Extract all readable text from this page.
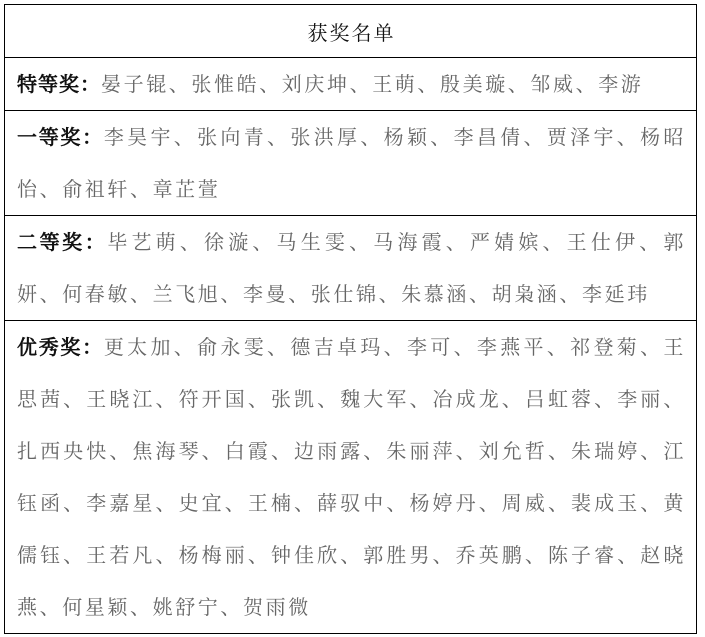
获奖名单
特等奖：晏子锟、张惟皓、刘庆坤、王萌、殷美璇、邹威、李游
一等奖：李昊宇、张向青、张洪厚、杨颖、李昌倩、贾泽宇、杨昭怡、俞祖轩、章芷萱
二等奖：毕艺萌、徐漩、马生雯、马海霞、严婧嫔、王仕伊、郭妍、何春敏、兰飞旭、李曼、张仕锦、朱慕涵、胡枭涵、李延玮
优秀奖：更太加、俞永雯、德吉卓玛、李可、李燕平、祁登菊、王思茜、王晓江、符开国、张凯、魏大军、冶成龙、吕虹蓉、李丽、扎西央快、焦海琴、白霞、边雨露、朱丽萍、刘允哲、朱瑞婷、江钰函、李嘉星、史宜、王楠、薛驭中、杨婷丹、周威、裴成玉、黄儒钰、王若凡、杨梅丽、钟佳欣、郭胜男、乔英鹏、陈子睿、赵晓燕、何星颖、姚舒宁、贺雨微
